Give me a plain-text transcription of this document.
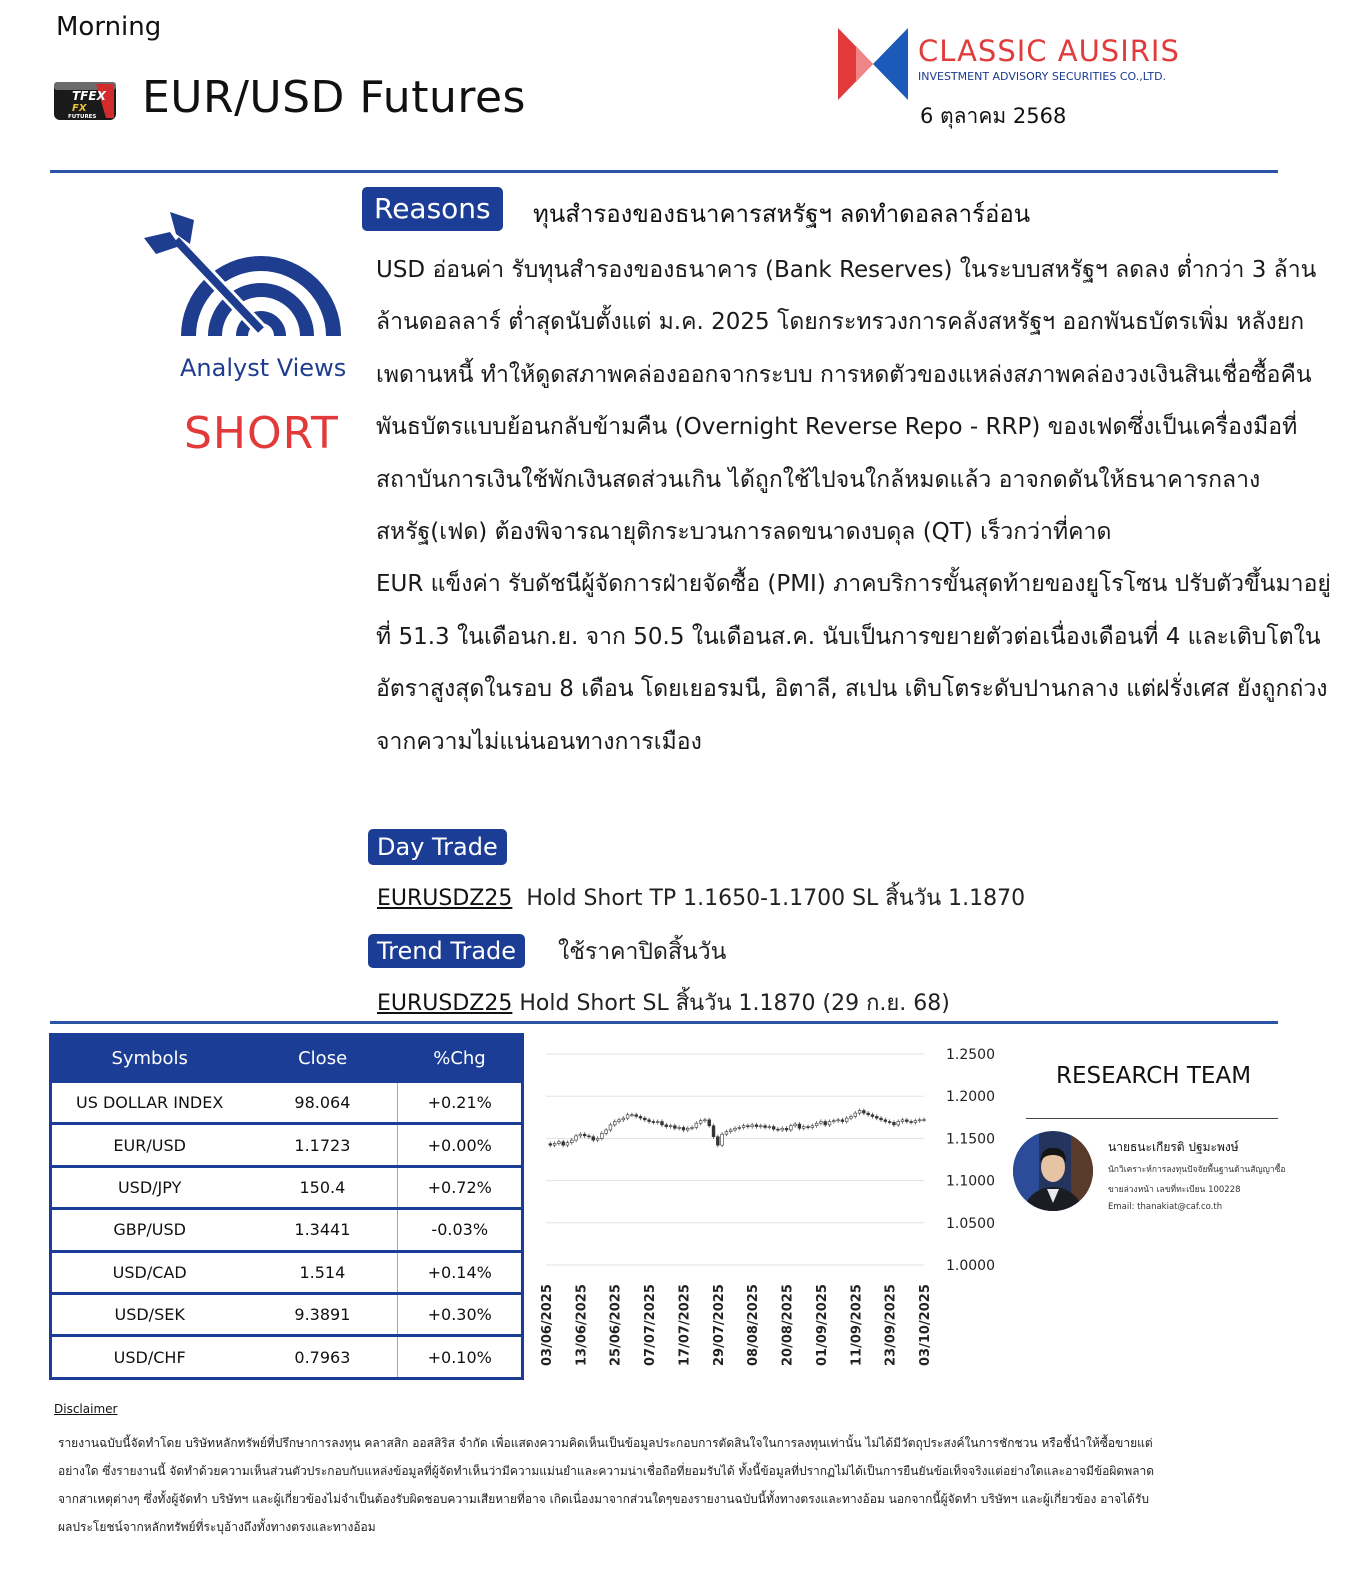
Morning
TFEX
FX
FUTURES EUR/USD Futures
CLASSIC AUSIRIS
INVESTMENT ADVISORY SECURITIES CO.,LTD.
6 ตุลาคม 2568
Analyst Views
SHORT
Reasons	ทุนสำรองของธนาคารสหรัฐฯ ลดทำดอลลาร์อ่อน

USD อ่อนค่า รับทุนสำรองของธนาคาร (Bank Reserves) ในระบบสหรัฐฯ ลดลง ต่ำกว่า 3 ล้านล้านดอลลาร์ ต่ำสุดนับตั้งแต่ ม.ค. 2025 โดยกระทรวงการคลังสหรัฐฯ ออกพันธบัตรเพิ่ม หลังยกเพดานหนี้ ทำให้ดูดสภาพคล่องออกจากระบบ การหดตัวของแหล่งสภาพคล่องวงเงินสินเชื่อซื้อคืนพันธบัตรแบบย้อนกลับข้ามคืน (Overnight Reverse Repo - RRP) ของเฟดซึ่งเป็นเครื่องมือที่สถาบันการเงินใช้พักเงินสดส่วนเกิน ได้ถูกใช้ไปจนใกล้หมดแล้ว อาจกดดันให้ธนาคารกลางสหรัฐ(เฟด) ต้องพิจารณายุติกระบวนการลดขนาดงบดุล (QT) เร็วกว่าที่คาด

EUR แข็งค่า รับดัชนีผู้จัดการฝ่ายจัดซื้อ (PMI) ภาคบริการขั้นสุดท้ายของยูโรโซน ปรับตัวขึ้นมาอยู่ที่ 51.3 ในเดือนก.ย. จาก 50.5 ในเดือนส.ค. นับเป็นการขยายตัวต่อเนื่องเดือนที่ 4 และเติบโตในอัตราสูงสุดในรอบ 8 เดือน โดยเยอรมนี, อิตาลี, สเปน เติบโตระดับปานกลาง แต่ฝรั่งเศส ยังถูกถ่วงจากความไม่แน่นอนทางการเมือง

Day Trade
EURUSDZ25 Hold Short TP 1.1650-1.1700 SL สิ้นวัน 1.1870
Trend Trade	ใช้ราคาปิดสิ้นวัน
EURUSDZ25 Hold Short SL สิ้นวัน 1.1870 (29 ก.ย. 68)
Symbols	Close	%Chg
US DOLLAR INDEX	98.064	+0.21%
EUR/USD	1.1723	+0.00%
USD/JPY	150.4	+0.72%
GBP/USD	1.3441	-0.03%
USD/CAD	1.514	+0.14%
USD/SEK	9.3891	+0.30%
USD/CHF	0.7963	+0.10%
1.2500
1.2000
1.1500
1.1000
1.0500
1.0000
03/06/2025 13/06/2025 25/06/2025 07/07/2025 17/07/2025 29/07/2025 08/08/2025 20/08/2025 01/09/2025 11/09/2025 23/09/2025 03/10/2025
RESEARCH TEAM
นายธนะเกียรติ ปฐมะพงษ์
นักวิเคราะห์การลงทุนปัจจัยพื้นฐานด้านสัญญาซื้อ
ขายล่วงหน้า เลขที่ทะเบียน 100228
Email: thanakiat@caf.co.th
Disclaimer

รายงานฉบับนี้จัดทำโดย บริษัทหลักทรัพย์ที่ปรึกษาการลงทุน คลาสสิก ออสสิริส จำกัด เพื่อแสดงความคิดเห็นเป็นข้อมูลประกอบการตัดสินใจในการลงทุนเท่านั้น ไม่ได้มีวัตถุประสงค์ในการชักชวน หรือชี้นำให้ซื้อขายแต่

อย่างใด ซึ่งรายงานนี้ จัดทำด้วยความเห็นส่วนตัวประกอบกับแหล่งข้อมูลที่ผู้จัดทำเห็นว่ามีความแม่นยำและความน่าเชื่อถือที่ยอมรับได้ ทั้งนี้ข้อมูลที่ปรากฏไม่ได้เป็นการยืนยันข้อเท็จจริงแต่อย่างใดและอาจมีข้อผิดพลาด

จากสาเหตุต่างๆ ซึ่งทั้งผู้จัดทำ บริษัทฯ และผู้เกี่ยวข้องไม่จำเป็นต้องรับผิดชอบความเสียหายที่อาจ เกิดเนื่องมาจากส่วนใดๆของรายงานฉบับนี้ทั้งทางตรงและทางอ้อม นอกจากนี้ผู้จัดทำ บริษัทฯ และผู้เกี่ยวข้อง อาจได้รับ

ผลประโยชน์จากหลักทรัพย์ที่ระบุอ้างถึงทั้งทางตรงและทางอ้อม
